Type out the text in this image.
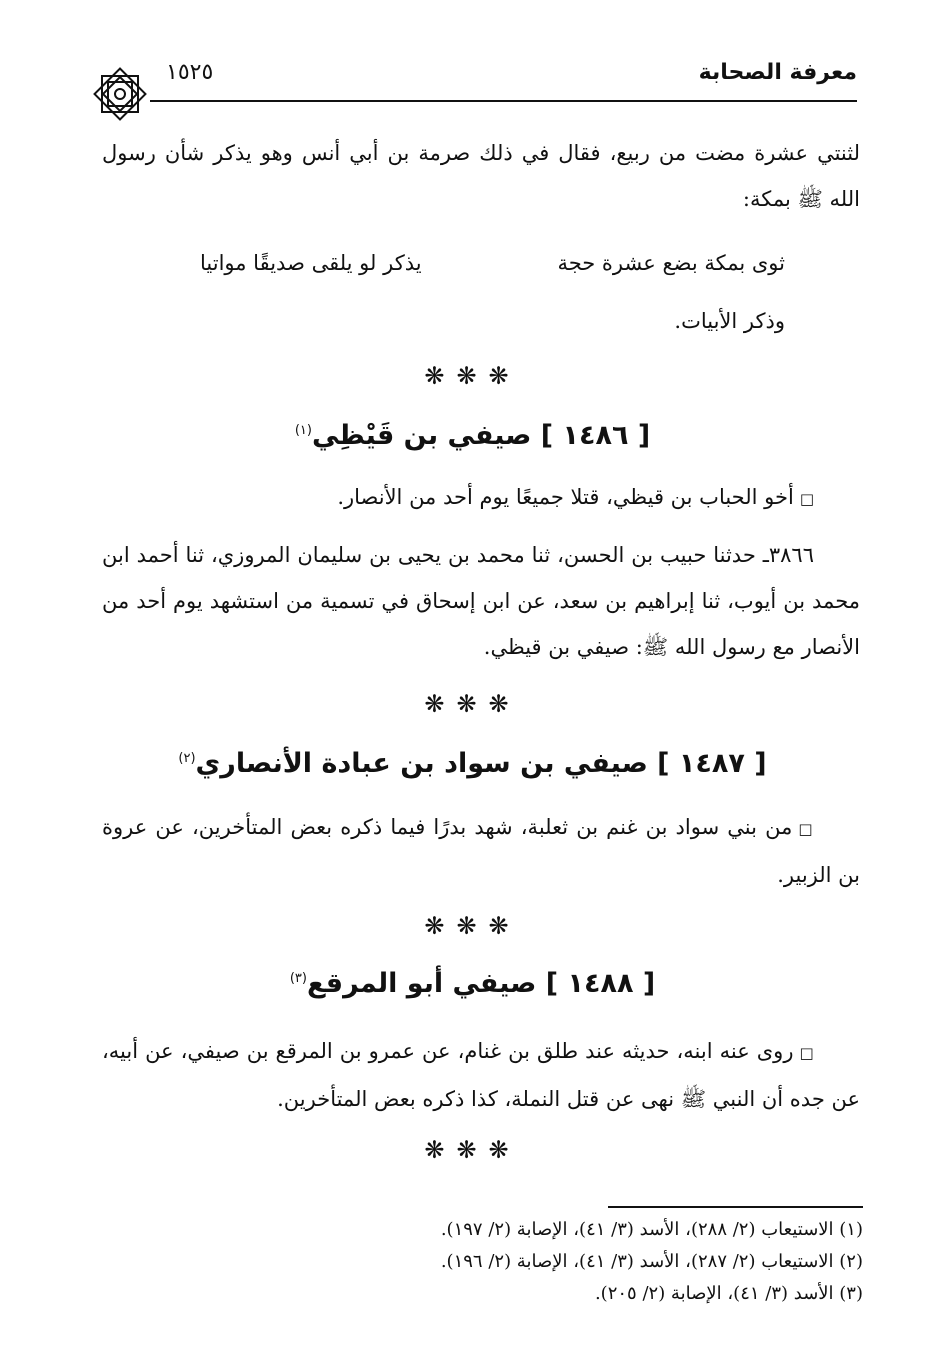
معرفة الصحابة
١٥٢٥
لثنتي عشرة مضت من ربيع، فقال في ذلك صرمة بن أبي أنس وهو يذكر شأن رسول الله ﷺ بمكة:
ثوى بمكة بضع عشرة حجة
يذكر لو يلقى صديقًا مواتيا
وذكر الأبيات.
❋❋❋
[ ١٤٨٦ ] صيفي بن قَيْظِي$^{(١)}$
□أخو الحباب بن قيظي، قتلا جميعًا يوم أحد من الأنصار.
٣٨٦٦ـ حدثنا حبيب بن الحسن، ثنا محمد بن يحيى بن سليمان المروزي، ثنا أحمد ابن محمد بن أيوب، ثنا إبراهيم بن سعد، عن ابن إسحاق في تسمية من استشهد يوم أحد من الأنصار مع رسول الله ﷺ: صيفي بن قيظي.
❋❋❋
[ ١٤٨٧ ] صيفي بن سواد بن عبادة الأنصاري$^{(٢)}$
□من بني سواد بن غنم بن ثعلبة، شهد بدرًا فيما ذكره بعض المتأخرين، عن عروة بن الزبير.
❋❋❋
[ ١٤٨٨ ] صيفي أبو المرقع$^{(٣)}$
□روى عنه ابنه، حديثه عند طلق بن غنام، عن عمرو بن المرقع بن صيفي، عن أبيه، عن جده أن النبي ﷺ نهى عن قتل النملة، كذا ذكره بعض المتأخرين.
❋❋❋
(١) الاستيعاب (٢/ ٢٨٨)، الأسد (٣/ ٤١)، الإصابة (٢/ ١٩٧).
(٢) الاستيعاب (٢/ ٢٨٧)، الأسد (٣/ ٤١)، الإصابة (٢/ ١٩٦).
(٣) الأسد (٣/ ٤١)، الإصابة (٢/ ٢٠٥).
